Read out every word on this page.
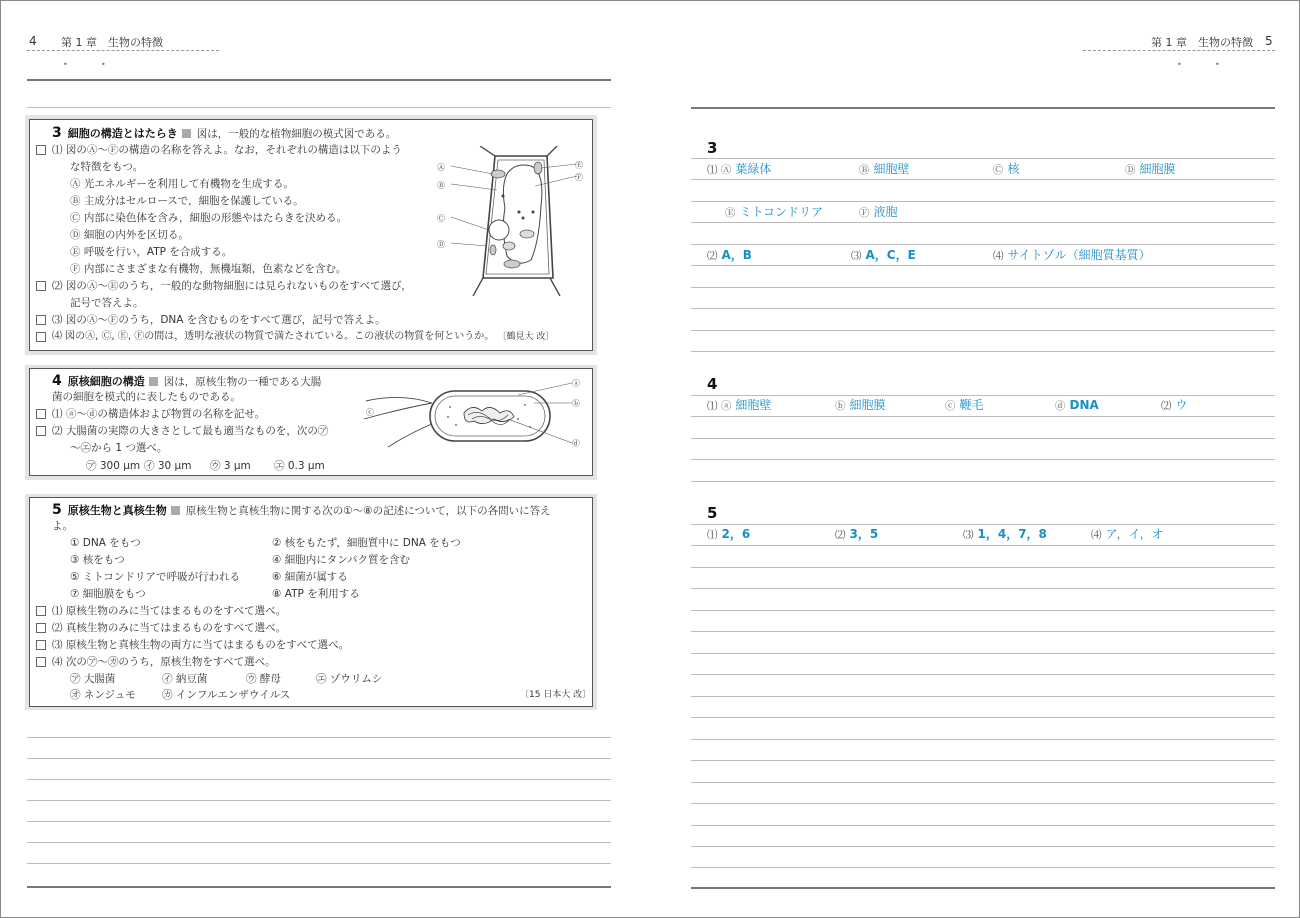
4 第 1 章　生物の特徴
•	•
3 細胞の構造とはたらき 図は，一般的な植物細胞の模式図である。
⑴ 図のⒶ～Ⓕの構造の名称を答えよ。なお，それぞれの構造は以下のよう
な特徴をもつ。
Ⓐ 光エネルギーを利用して有機物を生成する。
Ⓑ 主成分はセルロースで，細胞を保護している。
Ⓒ 内部に染色体を含み，細胞の形態やはたらきを決める。
Ⓓ 細胞の内外を区切る。
Ⓔ 呼吸を行い，ATP を合成する。
Ⓕ 内部にさまざまな有機物，無機塩類，色素などを含む。
⑵ 図のⒶ～Ⓔのうち，一般的な動物細胞には見られないものをすべて選び，
記号で答えよ。
⑶ 図のⒶ～Ⓕのうち，DNA を含むものをすべて選び，記号で答えよ。
⑷ 図のⒶ, Ⓒ, Ⓔ, Ⓕの間は，透明な液状の物質で満たされている。この液状の物質を何というか。 〔鶴見大 改〕
Ⓐ
Ⓑ
Ⓒ
Ⓓ
Ⓔ
Ⓕ
4 原核細胞の構造 図は，原核生物の一種である大腸
菌の細胞を模式的に表したものである。
⑴ ⓐ～ⓓの構造体および物質の名称を記せ。
⑵ 大腸菌の実際の大きさとして最も適当なものを，次の㋐
～㋓から 1 つ選べ。
㋐ 300 μm ㋑ 30 μm ㋒ 3 μm ㋓ 0.3 μm
ⓐ
ⓑ
ⓒ
ⓓ
5 原核生物と真核生物 原核生物と真核生物に関する次の①～⑧の記述について，以下の各問いに答え
よ。
① DNA をもつ	② 核をもたず，細胞質中に DNA をもつ
③ 核をもつ	④ 細胞内にタンパク質を含む
⑤ ミトコンドリアで呼吸が行われる	⑥ 細菌が属する
⑦ 細胞膜をもつ	⑧ ATP を利用する
⑴ 原核生物のみに当てはまるものをすべて選べ。
⑵ 真核生物のみに当てはまるものをすべて選べ。
⑶ 原核生物と真核生物の両方に当てはまるものをすべて選べ。
⑷ 次の㋐～㋕のうち，原核生物をすべて選べ。
㋐ 大腸菌	㋑ 納豆菌	㋒ 酵母	㋓ ゾウリムシ
㋔ ネンジュモ ㋕ インフルエンザウイルス	〔15 日本大 改〕
第 1 章　生物の特徴 5
•	•
3
⑴ Ⓐ 葉緑体	Ⓑ 細胞壁	Ⓒ 核	Ⓓ 細胞膜
Ⓔ ミトコンドリア	Ⓕ 液胞
⑵ A，B	⑶ A，C，E	⑷ サイトゾル（細胞質基質）
4
⑴ ⓐ 細胞壁	ⓑ 細胞膜	ⓒ 鞭毛	ⓓ DNA	⑵ ウ
5
⑴ 2，6	⑵ 3，5	⑶ 1，4，7，8	⑷ ア，イ，オ
